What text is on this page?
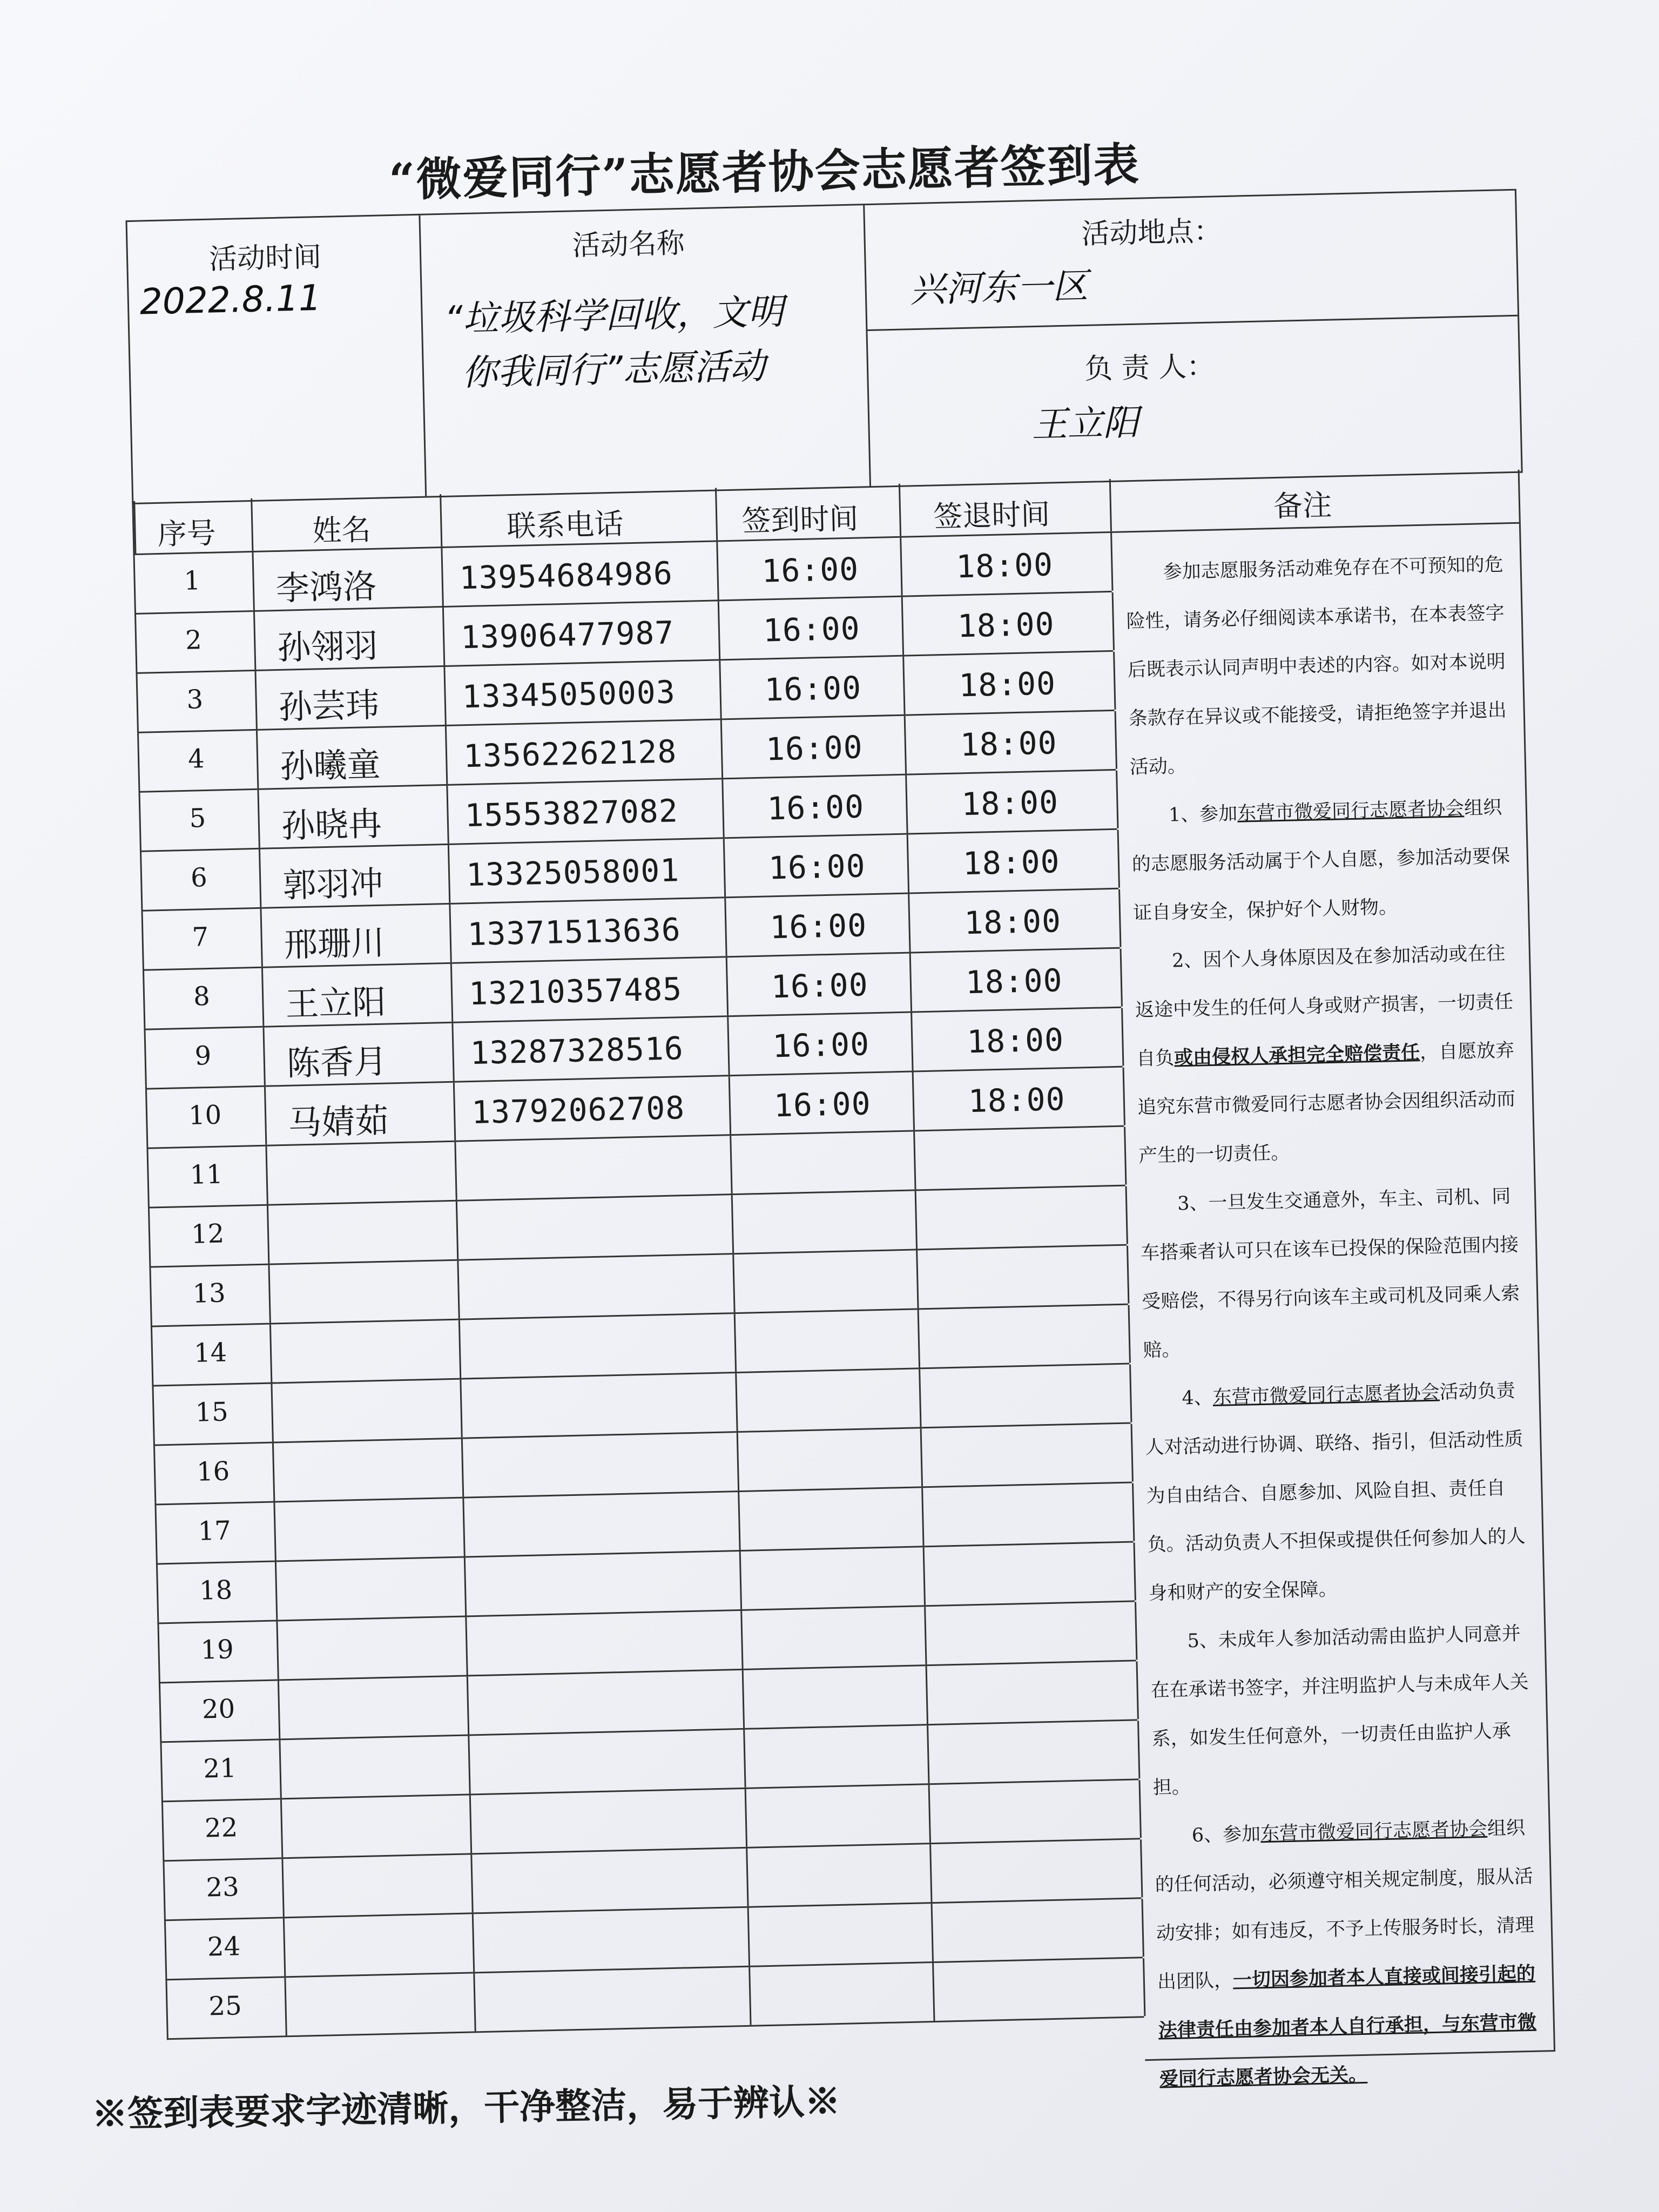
“微爱同行”志愿者协会志愿者签到表
活动时间
2022.8.11
活动名称
“垃圾科学回收，文明
你我同行”志愿活动
活动地点：
兴河东一区
负 责 人：
王立阳
序号	姓名	联系电话	签到时间	签退时间	备注
1 李鸿洛	13954684986	16:00	18:00
2 孙翎羽	13906477987	16:00	18:00
3 孙芸玮	13345050003	16:00	18:00
4 孙曦童	13562262128	16:00	18:00
5 孙晓冉	15553827082	16:00	18:00
6 郭羽冲	13325058001	16:00	18:00
7 邢珊川	13371513636	16:00	18:00
8 王立阳	13210357485	16:00	18:00
9 陈香月	13287328516	16:00	18:00
10 马婧茹	13792062708	16:00	18:00
11
12
13
14
15
16
17
18
19
20
21
22
23
24
25

参加志愿服务活动难免存在不可预知的危险性，请务必仔细阅读本承诺书，在本表签字后既表示认同声明中表述的内容。如对本说明条款存在异议或不能接受，请拒绝签字并退出活动。

1、参加东营市微爱同行志愿者协会组织的志愿服务活动属于个人自愿，参加活动要保证自身安全，保护好个人财物。

2、因个人身体原因及在参加活动或在往返途中发生的任何人身或财产损害，一切责任自负或由侵权人承担完全赔偿责任，自愿放弃追究东营市微爱同行志愿者协会因组织活动而产生的一切责任。

3、一旦发生交通意外，车主、司机、同车搭乘者认可只在该车已投保的保险范围内接受赔偿，不得另行向该车主或司机及同乘人索赔。

4、东营市微爱同行志愿者协会活动负责人对活动进行协调、联络、指引，但活动性质为自由结合、自愿参加、风险自担、责任自负。活动负责人不担保或提供任何参加人的人身和财产的安全保障。

5、未成年人参加活动需由监护人同意并在在承诺书签字，并注明监护人与未成年人关系，如发生任何意外，一切责任由监护人承担。

6、参加东营市微爱同行志愿者协会组织的任何活动，必须遵守相关规定制度，服从活动安排；如有违反，不予上传服务时长，清理出团队，一切因参加者本人直接或间接引起的法律责任由参加者本人自行承担，与东营市微爱同行志愿者协会无关。

※签到表要求字迹清晰，干净整洁，易于辨认※
